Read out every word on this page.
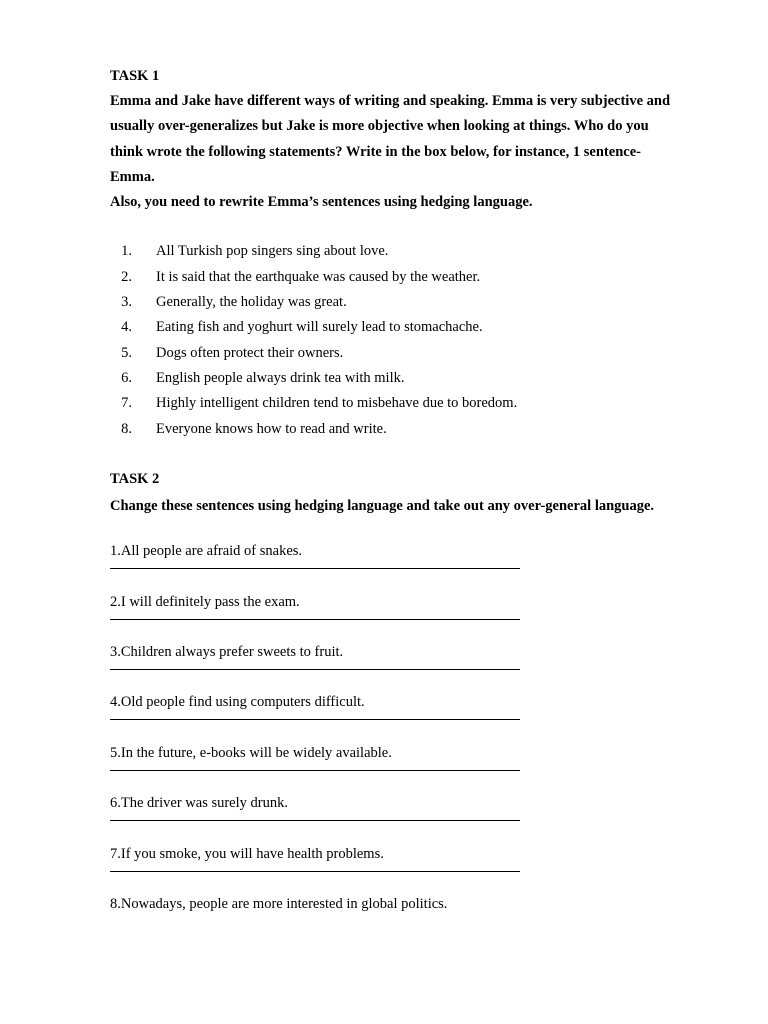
TASK 1

Emma and Jake have different ways of writing and speaking. Emma is very subjective and
usually over-generalizes but Jake is more objective when looking at things. Who do you
think wrote the following statements? Write in the box below, for instance, 1 sentence-
Emma.
Also, you need to rewrite Emma’s sentences using hedging language.

1. All Turkish pop singers sing about love.
2. It is said that the earthquake was caused by the weather.
3. Generally, the holiday was great.
4. Eating fish and yoghurt will surely lead to stomachache.
5. Dogs often protect their owners.
6. English people always drink tea with milk.
7. Highly intelligent children tend to misbehave due to boredom.
8. Everyone knows how to read and write.

TASK 2

Change these sentences using hedging language and take out any over-general language.

1.All people are afraid of snakes.
2.I will definitely pass the exam.
3.Children always prefer sweets to fruit.
4.Old people find using computers difficult.
5.In the future, e-books will be widely available.
6.The driver was surely drunk.
7.If you smoke, you will have health problems.
8.Nowadays, people are more interested in global politics.
